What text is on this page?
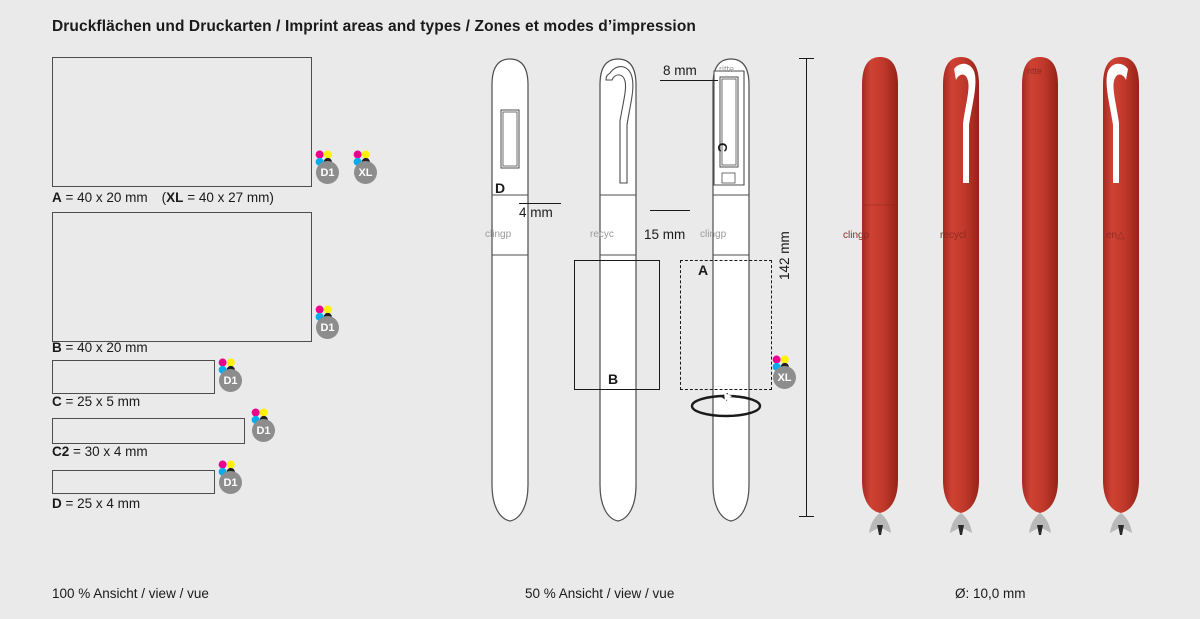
Druckflächen und Druckarten / Imprint areas and types / Zones et modes d’impression
A = 40 x 20 mm (XL = 40 x 27 mm)
D1	XL
B = 40 x 20 mm
D1
C = 25 x 5 mm
D1
C2 = 30 x 4 mm
D1
D = 25 x 4 mm
D1
D
clingp
4 mm
recyc
B
15 mm
C
ritte
clingp
8 mm
A
XL
142 mm	clingp	recycl
ritte
en△
100 % Ansicht / view / vue	50 % Ansicht / view / vue	Ø: 10,0 mm
